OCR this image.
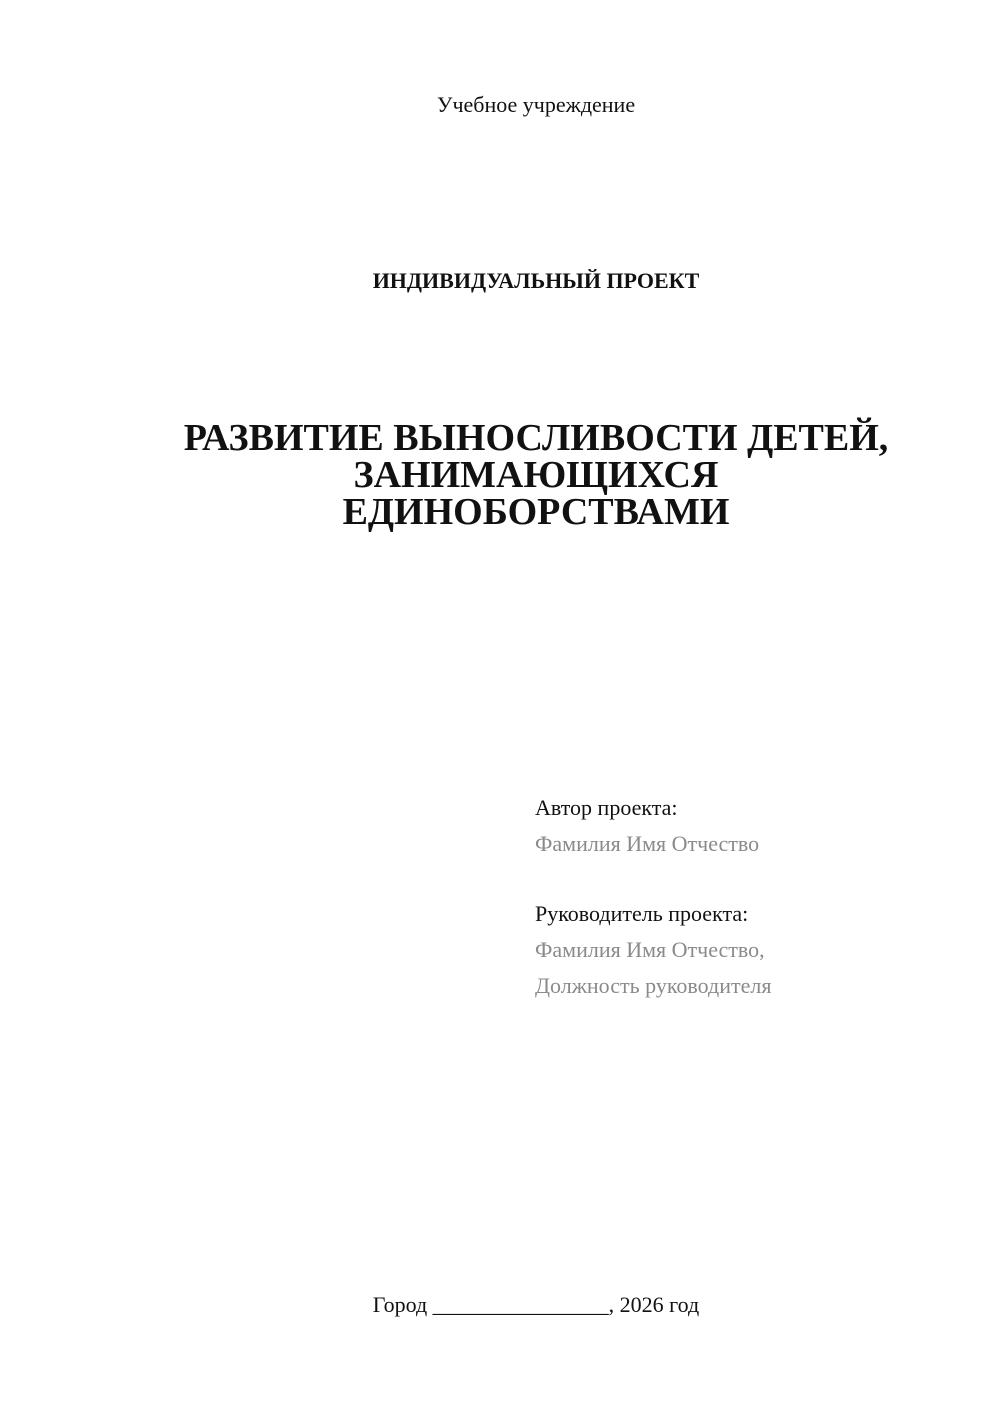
Учебное учреждение
ИНДИВИДУАЛЬНЫЙ ПРОЕКТ
РАЗВИТИЕ ВЫНОСЛИВОСТИ ДЕТЕЙ,
ЗАНИМАЮЩИХСЯ
ЕДИНОБОРСТВАМИ
Автор проекта:
Фамилия Имя Отчество
Руководитель проекта:
Фамилия Имя Отчество,
Должность руководителя
Город ________________, 2026 год
